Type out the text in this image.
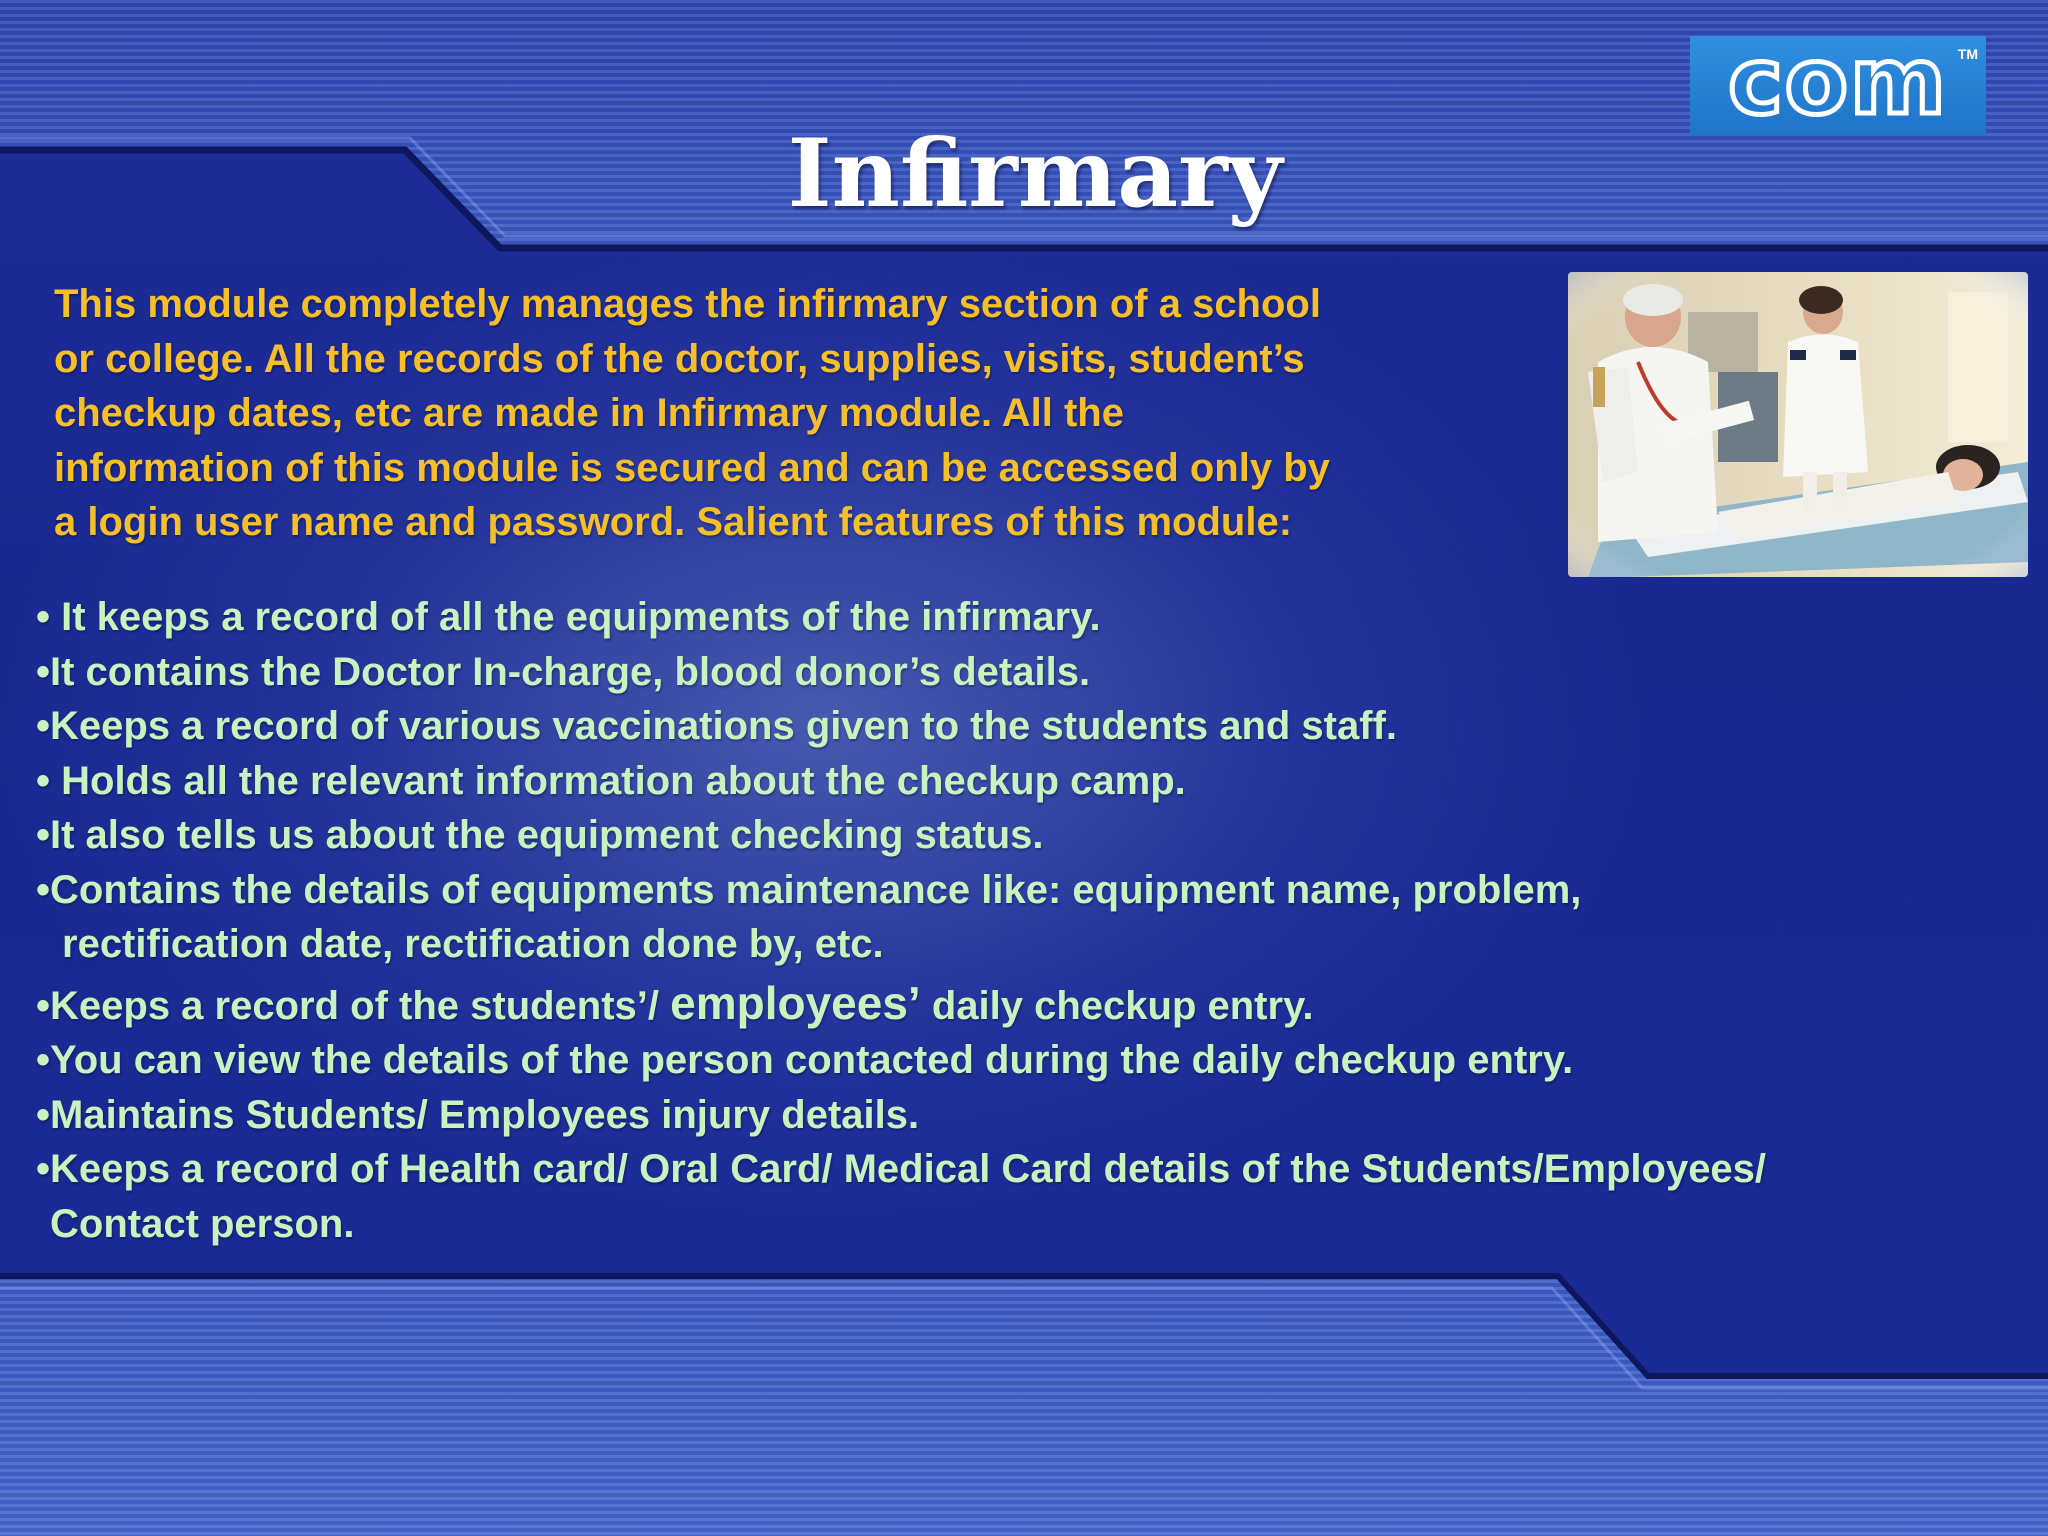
com TM
Infirmary

This module completely manages the infirmary section of a school
or college. All the records of the doctor, supplies, visits, student’s
checkup dates, etc are made in Infirmary module. All the
information of this module is secured and can be accessed only by
a login user name and password. Salient features of this module:

• It keeps a record of all the equipments of the infirmary.
•It contains the Doctor In-charge, blood donor’s details.
•Keeps a record of various vaccinations given to the students and staff.
• Holds all the relevant information about the checkup camp.
•It also tells us about the equipment checking status.
•Contains the details of equipments maintenance like: equipment name, problem,
rectification date, rectification done by, etc.
•Keeps a record of the students’/ employees’ daily checkup entry.
•You can view the details of the person contacted during the daily checkup entry.
•Maintains Students/ Employees injury details.
•Keeps a record of Health card/ Oral Card/ Medical Card details of the Students/Employees/
Contact person.
